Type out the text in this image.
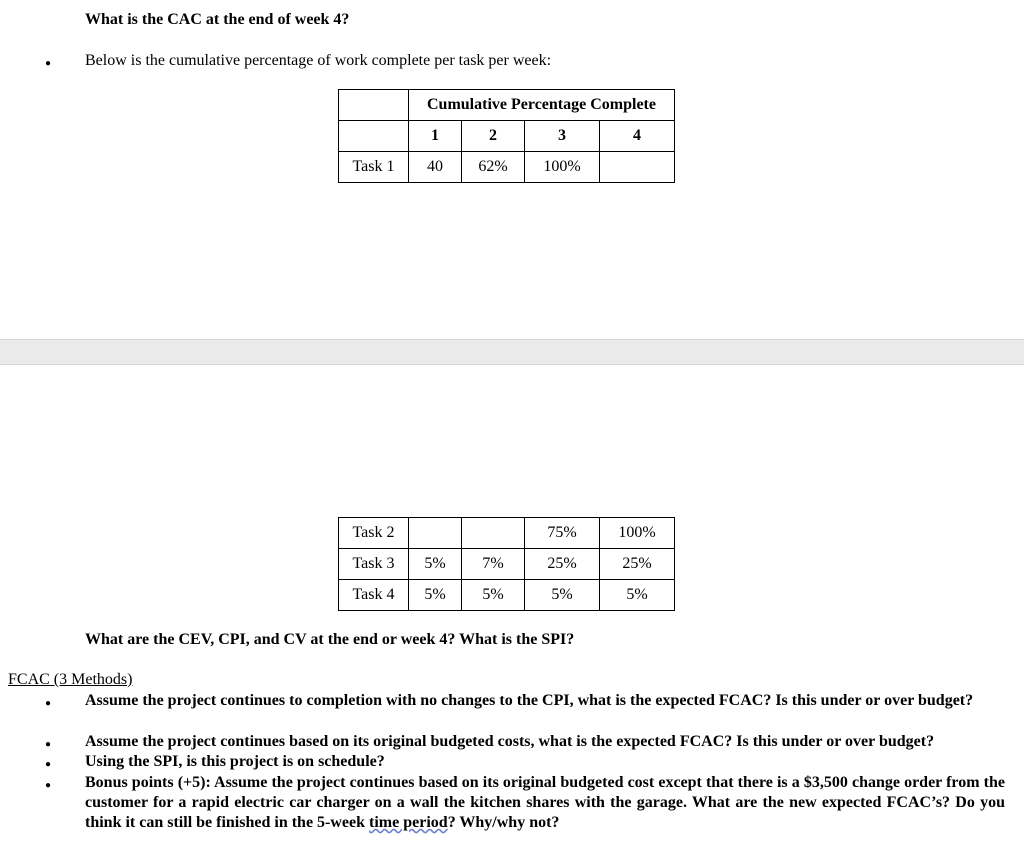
What is the CAC at the end of week 4?
●
Below is the cumulative percentage of work complete per task per week:
	Cumulative Percentage Complete			
	1	2	3	4
Task 1	40	62%	100%	
Task 2			75%	100%
Task 3	5%	7%	25%	25%
Task 4	5%	5%	5%	5%
What are the CEV, CPI, and CV at the end or week 4? What is the SPI?
FCAC (3 Methods)
●
Assume the project continues to completion with no changes to the CPI, what is the expected FCAC? Is this under or over budget?
●
Assume the project continues based on its original budgeted costs, what is the expected FCAC? Is this under or over budget?
●
Using the SPI, is this project is on schedule?
●
Bonus points (+5): Assume the project continues based on its original budgeted cost except that there is a $3,500 change order from the customer for a rapid electric car charger on a wall the kitchen shares with the garage. What are the new expected FCAC’s? Do you think it can still be finished in the 5-week time period? Why/why not?
